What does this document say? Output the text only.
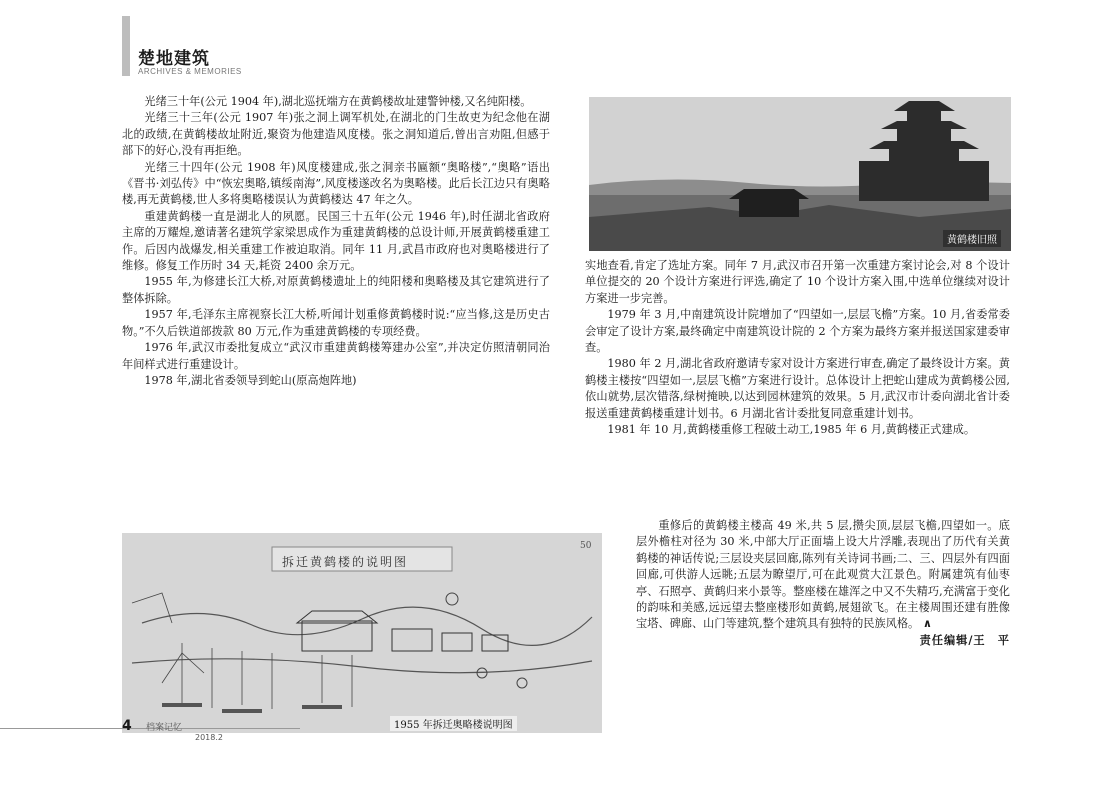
楚地建筑
ARCHIVES & MEMORIES

光绪三十年(公元 1904 年),湖北巡抚端方在黄鹤楼故址建警钟楼,又名纯阳楼。

光绪三十三年(公元 1907 年)张之洞上调军机处,在湖北的门生故吏为纪念他在湖北的政绩,在黄鹤楼故址附近,聚资为他建造风度楼。张之洞知道后,曾出言劝阻,但感于部下的好心,没有再拒绝。

光绪三十四年(公元 1908 年)风度楼建成,张之洞亲书匾额“奥略楼”,“奥略”语出《晋书·刘弘传》中“恢宏奥略,镇绥南海”,风度楼遂改名为奥略楼。此后长江边只有奥略楼,再无黄鹤楼,世人多将奥略楼误认为黄鹤楼达 47 年之久。

重建黄鹤楼一直是湖北人的夙愿。民国三十五年(公元 1946 年),时任湖北省政府主席的万耀煌,邀请著名建筑学家梁思成作为重建黄鹤楼的总设计师,开展黄鹤楼重建工作。后因内战爆发,相关重建工作被迫取消。同年 11 月,武昌市政府也对奥略楼进行了维修。修复工作历时 34 天,耗资 2400 余万元。

1955 年,为修建长江大桥,对原黄鹤楼遗址上的纯阳楼和奥略楼及其它建筑进行了整体拆除。

1957 年,毛泽东主席视察长江大桥,听闻计划重修黄鹤楼时说:“应当修,这是历史古物。”不久后铁道部拨款 80 万元,作为重建黄鹤楼的专项经费。

1976 年,武汉市委批复成立“武汉市重建黄鹤楼筹建办公室”,并决定仿照清朝同治年间样式进行重建设计。

1978 年,湖北省委领导到蛇山(原高炮阵地)

黄鹤楼旧照

实地查看,肯定了选址方案。同年 7 月,武汉市召开第一次重建方案讨论会,对 8 个设计单位提交的 20 个设计方案进行评选,确定了 10 个设计方案入围,中选单位继续对设计方案进一步完善。

1979 年 3 月,中南建筑设计院增加了“四望如一,层层飞檐”方案。10 月,省委常委会审定了设计方案,最终确定中南建筑设计院的 2 个方案为最终方案并报送国家建委审查。

1980 年 2 月,湖北省政府邀请专家对设计方案进行审查,确定了最终设计方案。黄鹤楼主楼按“四望如一,层层飞檐”方案进行设计。总体设计上把蛇山建成为黄鹤楼公园,依山就势,层次错落,绿树掩映,以达到园林建筑的效果。5 月,武汉市计委向湖北省计委报送重建黄鹤楼重建计划书。6 月湖北省计委批复同意重建计划书。

1981 年 10 月,黄鹤楼重修工程破土动工,1985 年 6 月,黄鹤楼正式建成。

重修后的黄鹤楼主楼高 49 米,共 5 层,攒尖顶,层层飞檐,四望如一。底层外檐柱对径为 30 米,中部大厅正面墙上设大片浮雕,表现出了历代有关黄鹤楼的神话传说;三层设夹层回廊,陈列有关诗词书画;二、三、四层外有四面回廊,可供游人远眺;五层为瞭望厅,可在此观赏大江景色。附属建筑有仙枣亭、石照亭、黄鹤归来小景等。整座楼在雄浑之中又不失精巧,充满富于变化的韵味和美感,远远望去整座楼形如黄鹤,展翅欲飞。在主楼周围还建有胜像宝塔、碑廊、山门等建筑,整个建筑具有独特的民族风格。 ∧
责任编辑/王　平

拆迁黄鹤楼的说明图
50
1955 年拆迁奥略楼说明图
4 档案记忆
2018.2
